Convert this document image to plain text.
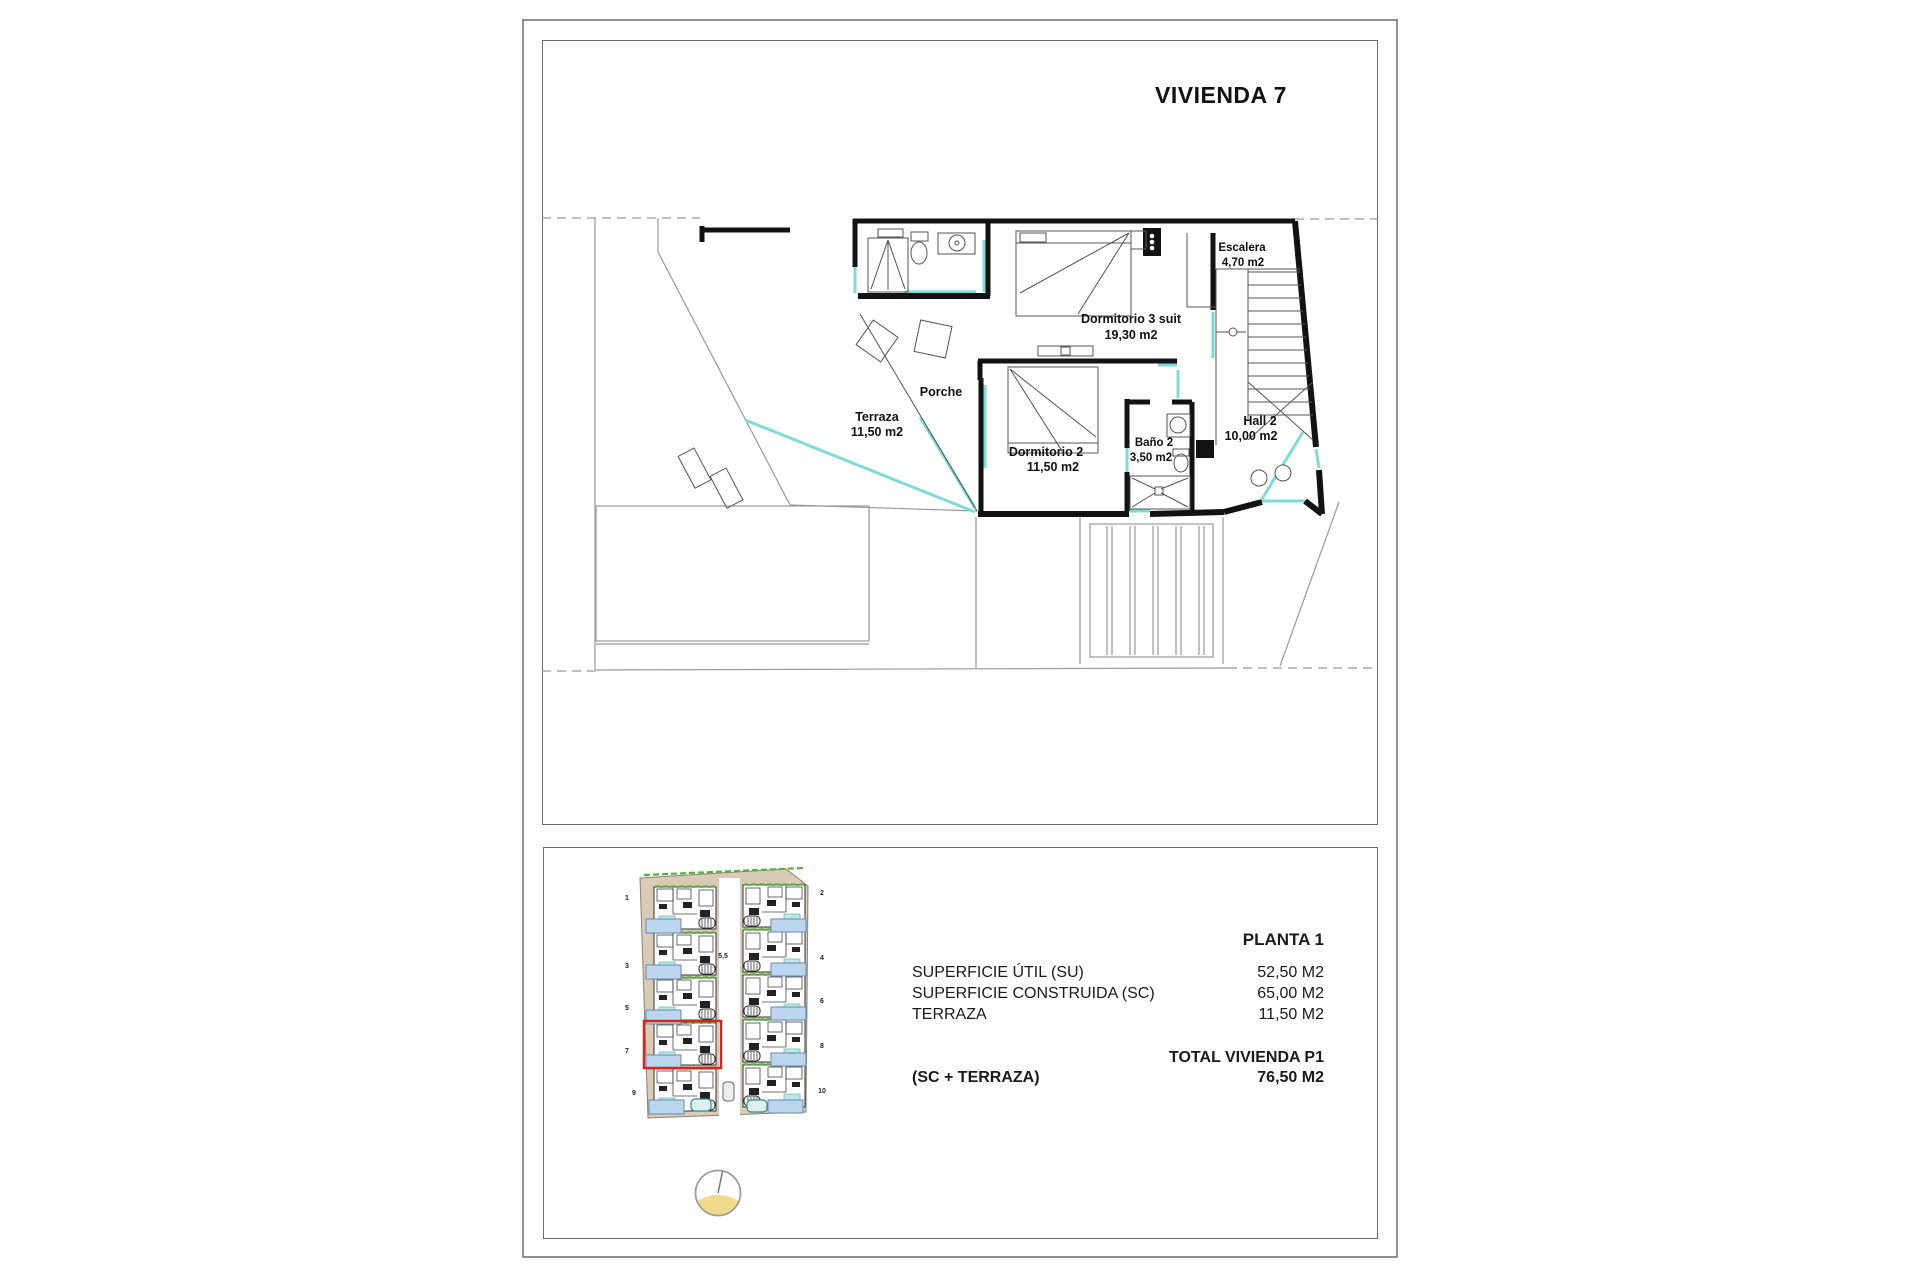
VIVIENDA 7
Terraza
11,50 m2
Porche
Dormitorio 2
11,50 m2
Dormitorio 3 suit
19,30 m2
Baño 2
3,50 m2
Hall 2
10,00 m2
Escalera
4,70 m2
1
3
5
7
9
2
4
6
8
10
5,5
PLANTA 1
SUPERFICIE ÚTIL (SU)	52,50 M2
SUPERFICIE CONSTRUIDA (SC)	65,00 M2
TERRAZA	11,50 M2
TOTAL VIVIENDA P1
(SC + TERRAZA)	76,50 M2
